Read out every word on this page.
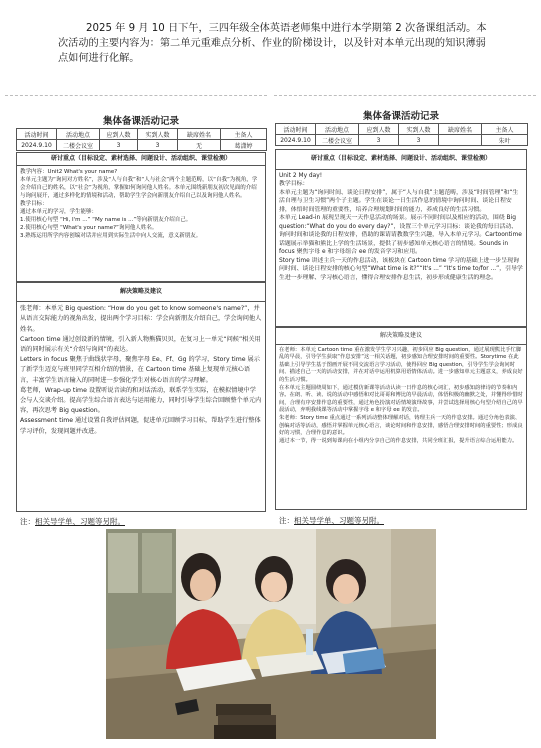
2025 年 9 月 10 日下午，三四年级全体英语老师集中进行本学期第 2 次备课组活动。本次活动的主要内容为：第二单元重难点分析、作业的阶梯设计，以及针对本单元出现的知识薄弱点如何进行化解。

集体备课活动记录
活动时间	活动地点	应到人数	实到人数	缺席姓名	主备人
2024.9.10	二楼会议室	3	3	无	葛潇婷

研讨重点（目标设定、素材选择、问题设计、活动组织、课堂检测）

教学内容：Unit2 What's your name?

本单元主题为“询问对方姓名”，涉及“人与自我”和“人与社会”两个主题范畴，以“自我”为视角，学会介绍自己的姓名，以“社会”为视角，掌握如何询问他人姓名。本单元围绕新朋友初次见面的介绍与询问展开，通过多样化的情境和活动，帮助学生学会向新朋友介绍自己以及询问他人姓名。

教学目标：

通过本单元的学习，学生能够：

1.使用核心句型 “Hi, I'm ...” “My name is ...”等向新朋友介绍自己。

2.使用核心句型 “What's your name?”询问他人姓名。

3.熟练运用所学内容创编对话并应用到实际生活中向人交流，意义新朋友。

解决策略及建议

张老师：本单元 Big question: “How do you get to know someone's name?”，并从语言交际能力的视角出发，提出两个学习目标：学会向新朋友介绍自己，学会询问他人姓名。

Cartoon time 通过创设新的情境，引入新人物熊猫贝贝，在复习上一单元“问候”相关用语的同时展示有关“介绍与询问”的表达。

Letters in focus 聚焦于曲线状字母，聚焦字母 Ee、Ff、Gg 的学习，Story time 展示了新学生迈克与班里同学互相介绍的情景，在 Cartoon time 基础上复现单元核心语言，丰富学生语言输入的同时进一步强化学生对核心语言的学习理解。

葛老师，Wrap-up time 设置听说音读的和对话活动，联系学生实际，在模拟情境中学会与人交谈介绍。提高学生综合语言表达与运用能力，同时引导学生综合回顾整个单元内容，再次思考 Big question。

Assessment time 通过设置自我评估问题，促进单元回顾学习目标，帮助学生进行整体学习评价，发现问题并改进。

注：相关导学单、习题等另附。

集体备课活动记录
活动时间	活动地点	应到人数	实到人数	缺席姓名	主备人
2024.9.10	二楼会议室	3	3		朱叶

研讨重点（目标设定、素材选择、问题设计、活动组织、课堂检测）

Unit 2 My day!

教学目标：

本单元主题为“询问时间、谈论日程安排”，属于“人与自我”主题范畴，涉及“时间管理”和“生活自理与卫生习惯”两个子主题。学生在谈论一日生活作息的情境中询问时间、谈论日程安排，体悟时间管理的重要性，培养合理规划时间的能力，养成良好的生活习惯。

本单元 Lead-in 展现呈现天一天作息活动的场景。展示不同时间以及相应的活动，围绕 Big question:“What do you do every day?”，设置三个单元学习目标：谈论我的每日活动、询问时间和谈论我的日程安排，借助的课请请教数学生兴趣，导入本单元学习。Cartoontime 话题展示举猫和熊比上学的生活场景，提供了初步感知单元核心语言的情境。Sounds in focus 聚焦字母 e 和字母组合 ee 的发音学习和应用。

Story time 讲述主兵一天的作息活动，该板块在 Cartoon time 学习的基础上进一步呈现询问时间、谈论日程安排的核心句型“What time is it?”“It's ...” “It's time to/for ...”，引导学生进一步理解、学习核心语言，懂得合理安排作息生活，初步形成健康生活的理念。

解决策略及建议

在老师：本单元 Cartoon time 重在激发学生学习兴趣，初步回应 Big question，通过展现熊比手忙脚乱的早晨，引导学生获取“作息安排“这一相关话题，初步感知合理安排时间的重要性。Storytime 在此基础上引导学生基于图画开展不同交流语言学习活动，使得回应 Big question，引导学生学会询问时间、描述自己一天的活动安排，并在对话中运用机算用语情体活动。进一步感知单元主题意义，养成良好的生活习惯。

在本单元主题圆绕周如下，通过模仿新课等活动认读一日作息的核心词汇，初步感知韵律诗的节奏和内容。在朗、听、读、说的活动中感悟和对比哥哥和博比的早晨活动，体悟积极的幽默之处，并懂得珍惜时间，合理有序安排作息的重要性，通过角色扮演对话情境演绎故事，并尝试选择用核心句型介绍自己的早晨活动，弃明我线课等活动中掌握字母 e 和字母 ee 的发音。

朱老师：Story time 重点通过一系列活动整体理解对话，铸理主兵一天的作息安排。通过分角色表演、创编对话等活动，感悟并掌握单元核心语言，谈论时间和作息安排，感悟合理安排时间的重要性；形成良好的习惯，合理作息的意识。

通过本一节，得一说到每课向在小组内分享自己的作息安排，共同全班汇报，提升语言综合运用能力。

注：相关导学单、习题等另附。
